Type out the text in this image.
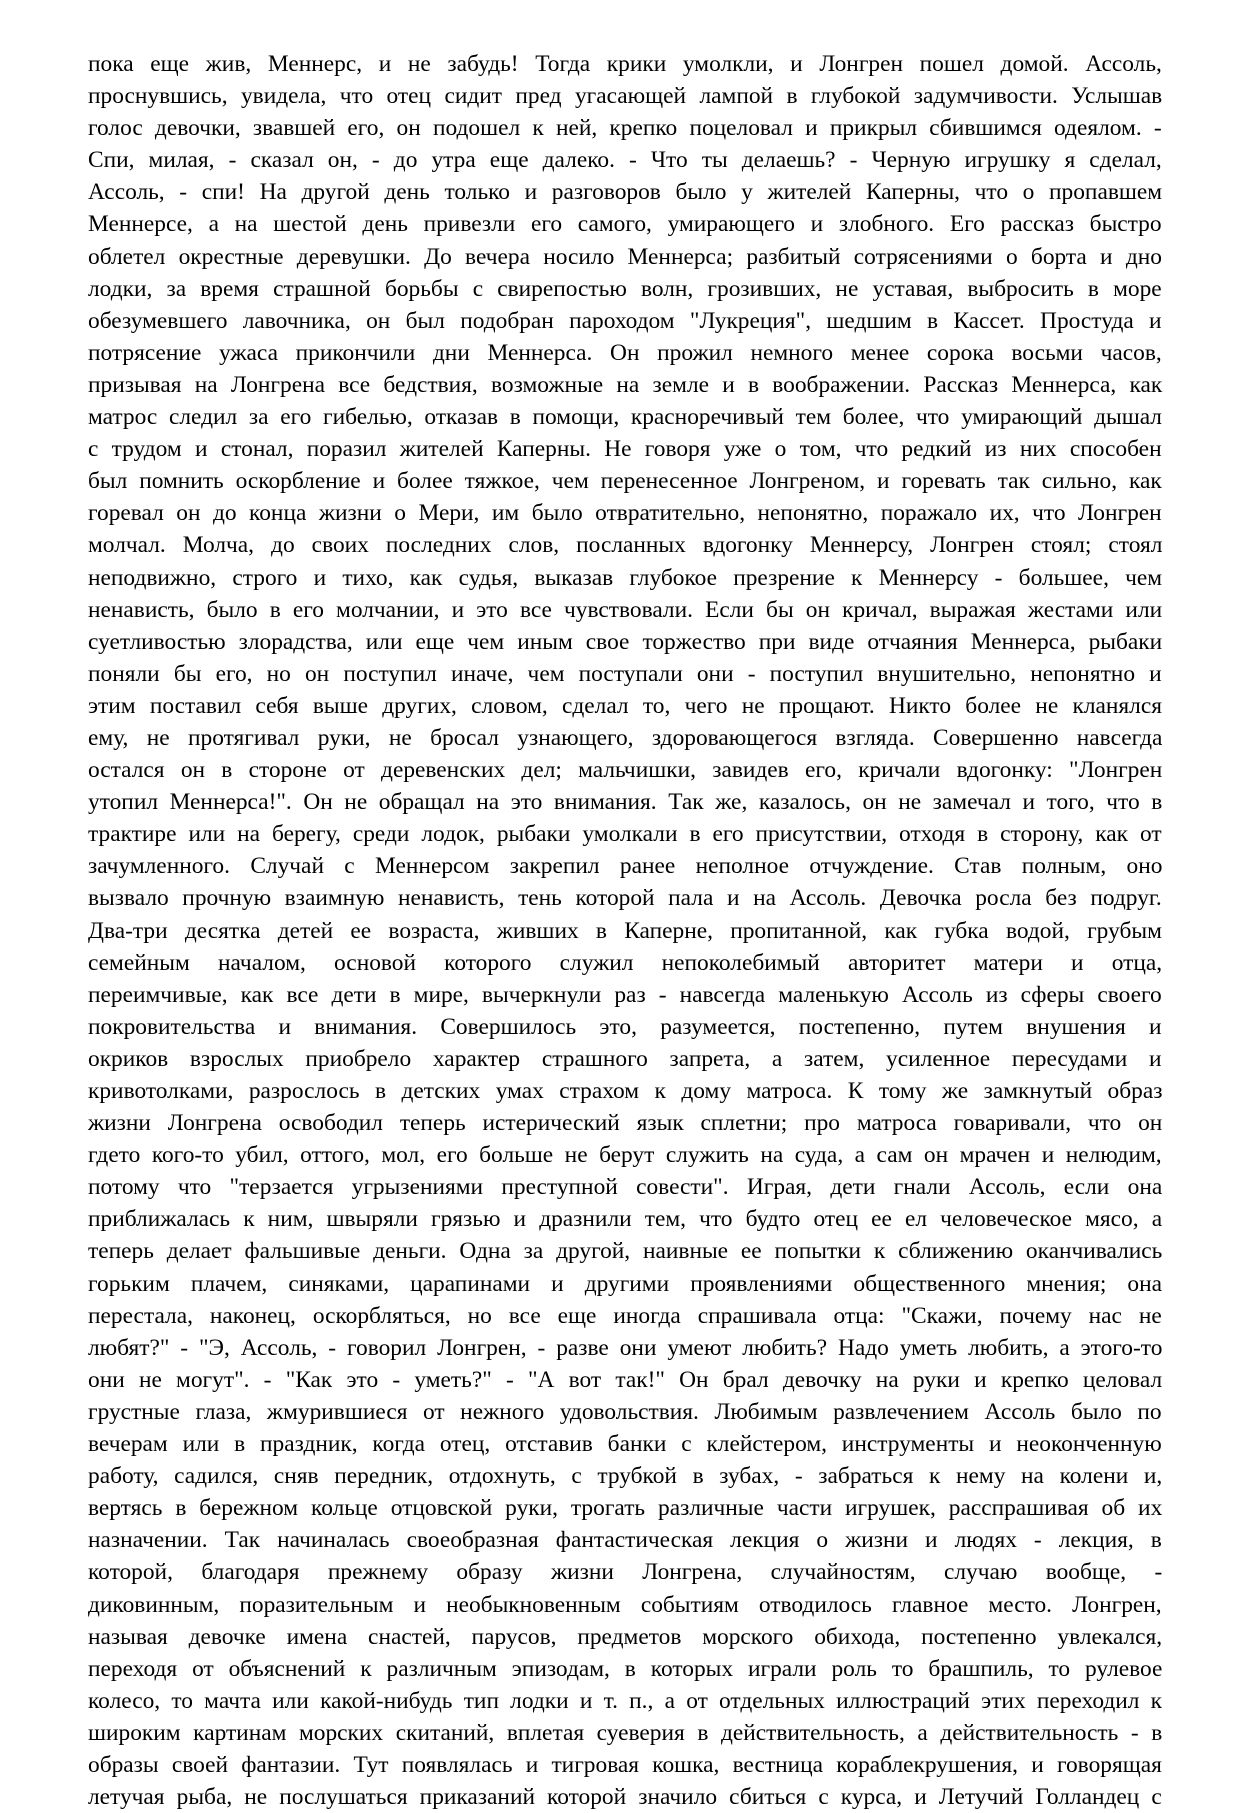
пока еще жив, Меннерс, и не забудь! Тогда крики умолкли, и Лонгрен пошел домой. Ассоль,
проснувшись, увидела, что отец сидит пред угасающей лампой в глубокой задумчивости. Услышав
голос девочки, звавшей его, он подошел к ней, крепко поцеловал и прикрыл сбившимся одеялом. -
Спи, милая, - сказал он, - до утра еще далеко. - Что ты делаешь? - Черную игрушку я сделал,
Ассоль, - спи! На другой день только и разговоров было у жителей Каперны, что о пропавшем
Меннерсе, а на шестой день привезли его самого, умирающего и злобного. Его рассказ быстро
облетел окрестные деревушки. До вечера носило Меннерса; разбитый сотрясениями о борта и дно
лодки, за время страшной борьбы с свирепостью волн, грозивших, не уставая, выбросить в море
обезумевшего лавочника, он был подобран пароходом "Лукреция", шедшим в Кассет. Простуда и
потрясение ужаса прикончили дни Меннерса. Он прожил немного менее сорока восьми часов,
призывая на Лонгрена все бедствия, возможные на земле и в воображении. Рассказ Меннерса, как
матрос следил за его гибелью, отказав в помощи, красноречивый тем более, что умирающий дышал
с трудом и стонал, поразил жителей Каперны. Не говоря уже о том, что редкий из них способен
был помнить оскорбление и более тяжкое, чем перенесенное Лонгреном, и горевать так сильно, как
горевал он до конца жизни о Мери, им было отвратительно, непонятно, поражало их, что Лонгрен
молчал. Молча, до своих последних слов, посланных вдогонку Меннерсу, Лонгрен стоял; стоял
неподвижно, строго и тихо, как судья, выказав глубокое презрение к Меннерсу - большее, чем
ненависть, было в его молчании, и это все чувствовали. Если бы он кричал, выражая жестами или
суетливостью злорадства, или еще чем иным свое торжество при виде отчаяния Меннерса, рыбаки
поняли бы его, но он поступил иначе, чем поступали они - поступил внушительно, непонятно и
этим поставил себя выше других, словом, сделал то, чего не прощают. Никто более не кланялся
ему, не протягивал руки, не бросал узнающего, здоровающегося взгляда. Совершенно навсегда
остался он в стороне от деревенских дел; мальчишки, завидев его, кричали вдогонку: "Лонгрен
утопил Меннерса!". Он не обращал на это внимания. Так же, казалось, он не замечал и того, что в
трактире или на берегу, среди лодок, рыбаки умолкали в его присутствии, отходя в сторону, как от
зачумленного. Случай с Меннерсом закрепил ранее неполное отчуждение. Став полным, оно
вызвало прочную взаимную ненависть, тень которой пала и на Ассоль. Девочка росла без подруг.
Два-три десятка детей ее возраста, живших в Каперне, пропитанной, как губка водой, грубым
семейным началом, основой которого служил непоколебимый авторитет матери и отца,
переимчивые, как все дети в мире, вычеркнули раз - навсегда маленькую Ассоль из сферы своего
покровительства и внимания. Совершилось это, разумеется, постепенно, путем внушения и
окриков взрослых приобрело характер страшного запрета, а затем, усиленное пересудами и
кривотолками, разрослось в детских умах страхом к дому матроса. К тому же замкнутый образ
жизни Лонгрена освободил теперь истерический язык сплетни; про матроса говаривали, что он
гдето кого-то убил, оттого, мол, его больше не берут служить на суда, а сам он мрачен и нелюдим,
потому что "терзается угрызениями преступной совести". Играя, дети гнали Ассоль, если она
приближалась к ним, швыряли грязью и дразнили тем, что будто отец ее ел человеческое мясо, а
теперь делает фальшивые деньги. Одна за другой, наивные ее попытки к сближению оканчивались
горьким плачем, синяками, царапинами и другими проявлениями общественного мнения; она
перестала, наконец, оскорбляться, но все еще иногда спрашивала отца: "Скажи, почему нас не
любят?" - "Э, Ассоль, - говорил Лонгрен, - разве они умеют любить? Надо уметь любить, а этого-то
они не могут". - "Как это - уметь?" - "А вот так!" Он брал девочку на руки и крепко целовал
грустные глаза, жмурившиеся от нежного удовольствия. Любимым развлечением Ассоль было по
вечерам или в праздник, когда отец, отставив банки с клейстером, инструменты и неоконченную
работу, садился, сняв передник, отдохнуть, с трубкой в зубах, - забраться к нему на колени и,
вертясь в бережном кольце отцовской руки, трогать различные части игрушек, расспрашивая об их
назначении. Так начиналась своеобразная фантастическая лекция о жизни и людях - лекция, в
которой, благодаря прежнему образу жизни Лонгрена, случайностям, случаю вообще, -
диковинным, поразительным и необыкновенным событиям отводилось главное место. Лонгрен,
называя девочке имена снастей, парусов, предметов морского обихода, постепенно увлекался,
переходя от объяснений к различным эпизодам, в которых играли роль то брашпиль, то рулевое
колесо, то мачта или какой-нибудь тип лодки и т. п., а от отдельных иллюстраций этих переходил к
широким картинам морских скитаний, вплетая суеверия в действительность, а действительность - в
образы своей фантазии. Тут появлялась и тигровая кошка, вестница кораблекрушения, и говорящая
летучая рыба, не послушаться приказаний которой значило сбиться с курса, и Летучий Голландец с
